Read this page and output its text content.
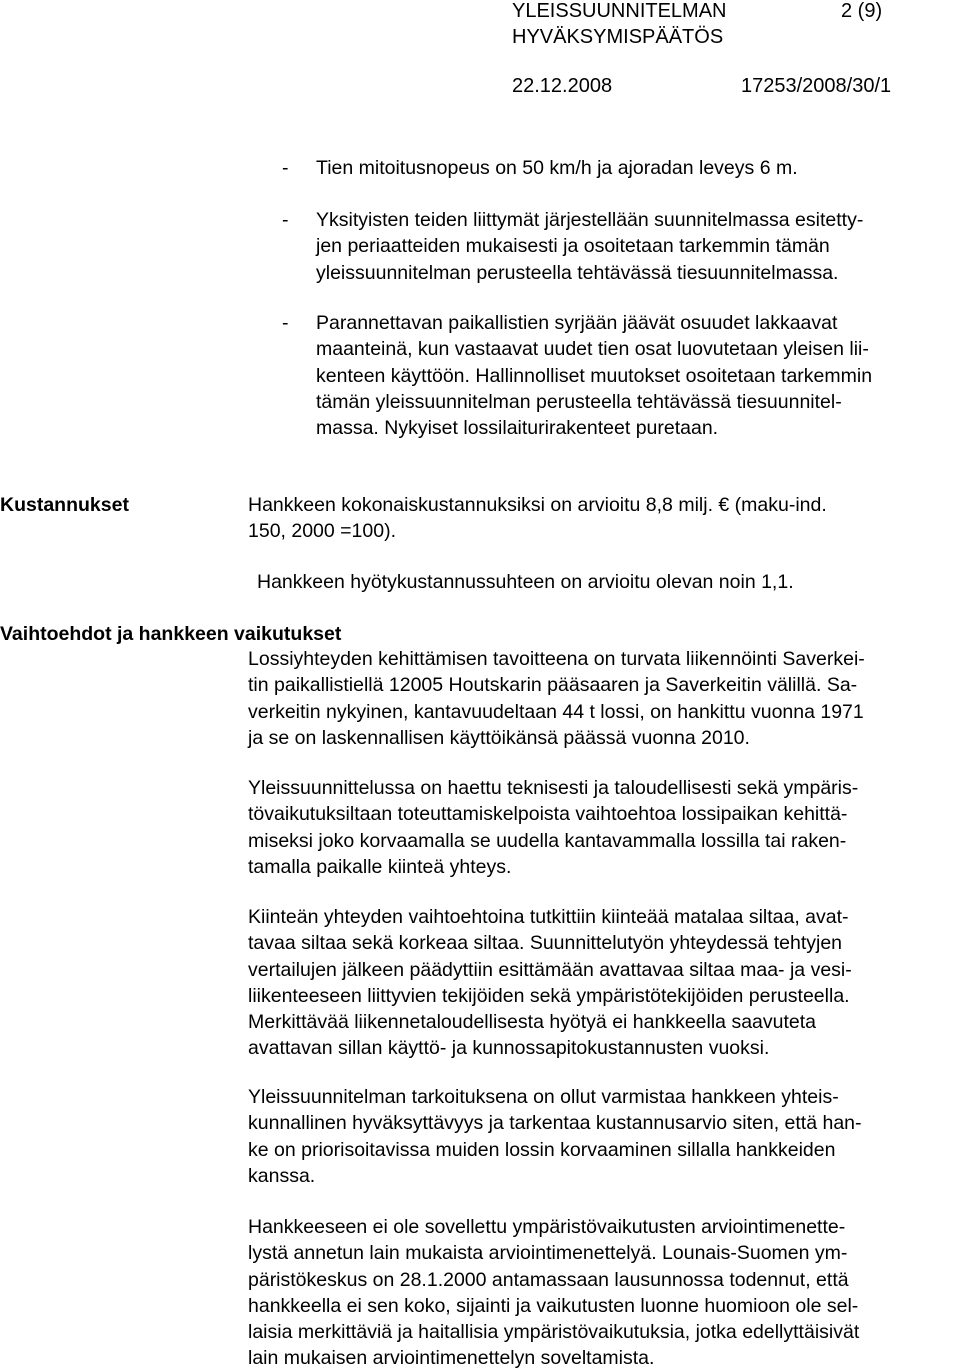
YLEISSUUNNITELMAN	2 (9)
HYVÄKSYMISPÄÄTÖS
22.12.2008	17253/2008/30/1
- Tien mitoitusnopeus on 50 km/h ja ajoradan leveys 6 m.
- Yksityisten teiden liittymät järjestellään suunnitelmassa esitetty-
jen periaatteiden mukaisesti ja osoitetaan tarkemmin tämän
yleissuunnitelman perusteella tehtävässä tiesuunnitelmassa.
- Parannettavan paikallistien syrjään jäävät osuudet lakkaavat
maanteinä, kun vastaavat uudet tien osat luovutetaan yleisen lii-
kenteen käyttöön. Hallinnolliset muutokset osoitetaan tarkemmin
tämän yleissuunnitelman perusteella tehtävässä tiesuunnitel-
massa. Nykyiset lossilaiturirakenteet puretaan.
Kustannukset	Hankkeen kokonaiskustannuksiksi on arvioitu 8,8 milj. € (maku-ind.
150, 2000 =100).
Hankkeen hyötykustannussuhteen on arvioitu olevan noin 1,1.
Vaihtoehdot ja hankkeen vaikutukset
Lossiyhteyden kehittämisen tavoitteena on turvata liikennöinti Saverkei-
tin paikallistiellä 12005 Houtskarin pääsaaren ja Saverkeitin välillä. Sa-
verkeitin nykyinen, kantavuudeltaan 44 t lossi, on hankittu vuonna 1971
ja se on laskennallisen käyttöikänsä päässä vuonna 2010.
Yleissuunnittelussa on haettu teknisesti ja taloudellisesti sekä ympäris-
tövaikutuksiltaan toteuttamiskelpoista vaihtoehtoa lossipaikan kehittä-
miseksi joko korvaamalla se uudella kantavammalla lossilla tai raken-
tamalla paikalle kiinteä yhteys.
Kiinteän yhteyden vaihtoehtoina tutkittiin kiinteää matalaa siltaa, avat-
tavaa siltaa sekä korkeaa siltaa. Suunnittelutyön yhteydessä tehtyjen
vertailujen jälkeen päädyttiin esittämään avattavaa siltaa maa- ja vesi-
liikenteeseen liittyvien tekijöiden sekä ympäristötekijöiden perusteella.
Merkittävää liikennetaloudellisesta hyötyä ei hankkeella saavuteta
avattavan sillan käyttö- ja kunnossapitokustannusten vuoksi.
Yleissuunnitelman tarkoituksena on ollut varmistaa hankkeen yhteis-
kunnallinen hyväksyttävyys ja tarkentaa kustannusarvio siten, että han-
ke on priorisoitavissa muiden lossin korvaaminen sillalla hankkeiden
kanssa.
Hankkeeseen ei ole sovellettu ympäristövaikutusten arviointimenette-
lystä annetun lain mukaista arviointimenettelyä. Lounais-Suomen ym-
päristökeskus on 28.1.2000 antamassaan lausunnossa todennut, että
hankkeella ei sen koko, sijainti ja vaikutusten luonne huomioon ole sel-
laisia merkittäviä ja haitallisia ympäristövaikutuksia, jotka edellyttäisivät
lain mukaisen arviointimenettelyn soveltamista.
